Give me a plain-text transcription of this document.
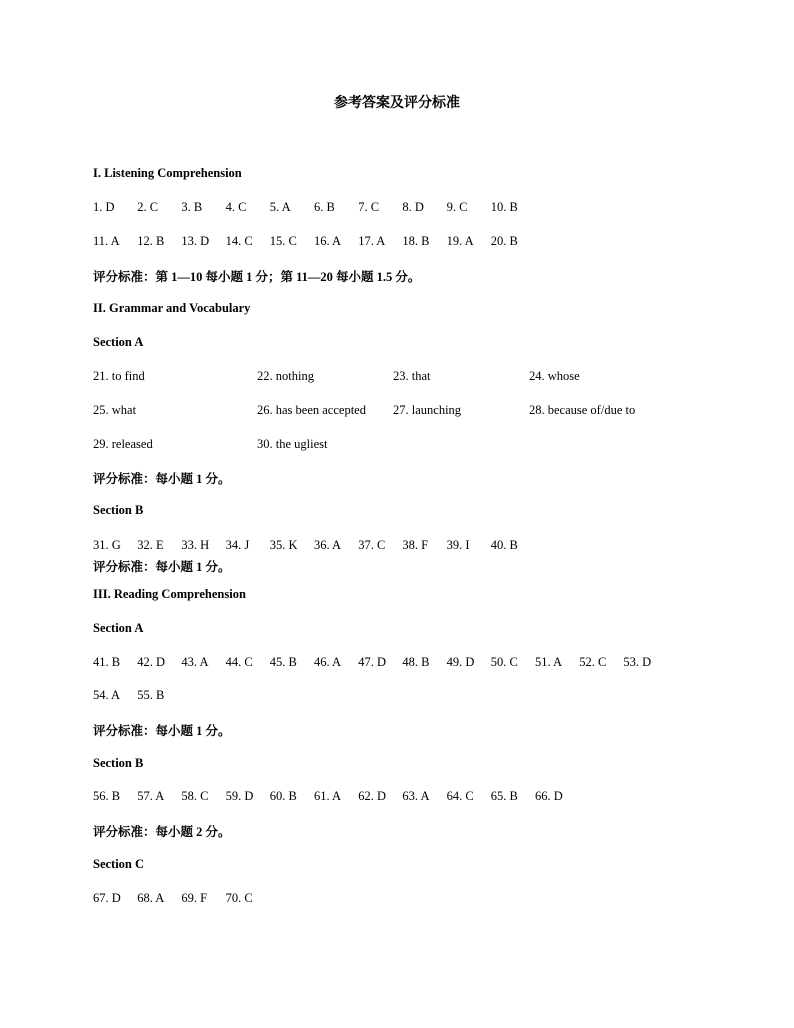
参考答案及评分标准
I. Listening Comprehension
1. D 2. C 3. B 4. C 5. A 6. B 7. C 8. D 9. C 10. B
11. A 12. B 13. D 14. C 15. C 16. A 17. A 18. B 19. A 20. B
评分标准：第 1—10 每小题 1 分；第 11—20 每小题 1.5 分。
II. Grammar and Vocabulary
Section A
21. to find	22. nothing	23. that	24. whose
25. what	26. has been accepted 27. launching	28. because of/due to
29. released	30. the ugliest
评分标准：每小题 1 分。
Section B
31. G 32. E 33. H 34. J 35. K 36. A 37. C 38. F 39. I 40. B
评分标准：每小题 1 分。
III. Reading Comprehension
Section A
41. B 42. D 43. A 44. C 45. B 46. A 47. D 48. B 49. D 50. C 51. A 52. C 53. D
54. A 55. B
评分标准：每小题 1 分。
Section B
56. B 57. A 58. C 59. D 60. B 61. A 62. D 63. A 64. C 65. B 66. D
评分标准：每小题 2 分。
Section C
67. D 68. A 69. F 70. C
